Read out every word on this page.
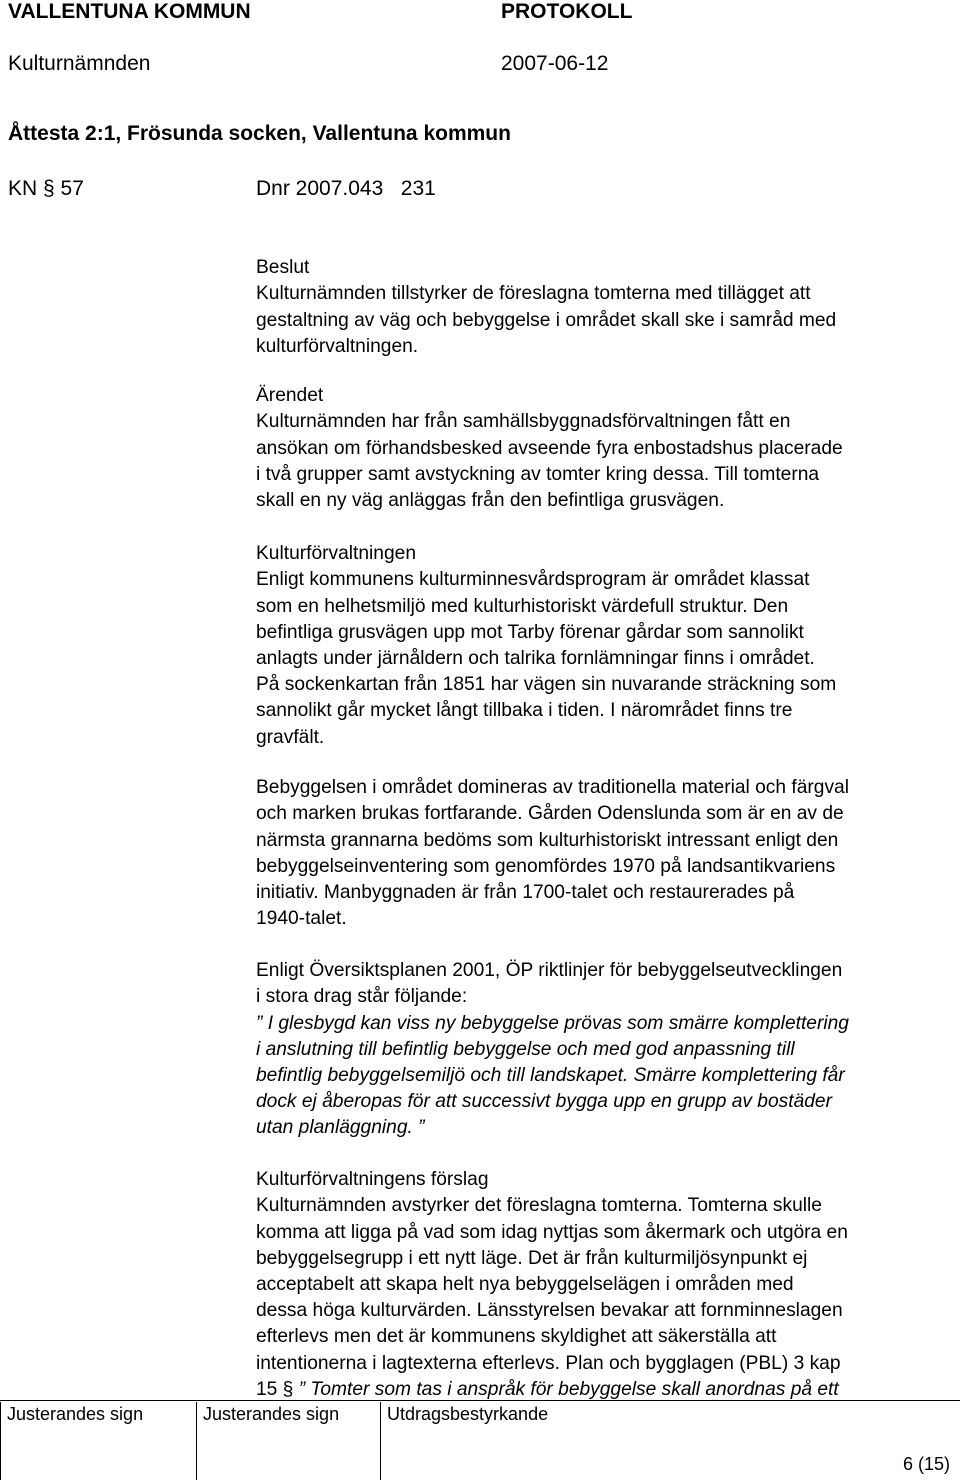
VALLENTUNA KOMMUN	PROTOKOLL
Kulturnämnden	2007-06-12
Åttesta 2:1, Frösunda socken, Vallentuna kommun
KN § 57	Dnr 2007.043   231

Beslut
Kulturnämnden tillstyrker de föreslagna tomterna med tillägget att
gestaltning av väg och bebyggelse i området skall ske i samråd med
kulturförvaltningen.

Ärendet
Kulturnämnden har från samhällsbyggnadsförvaltningen fått en
ansökan om förhandsbesked avseende fyra enbostadshus placerade
i två grupper samt avstyckning av tomter kring dessa. Till tomterna
skall en ny väg anläggas från den befintliga grusvägen.

Kulturförvaltningen
Enligt kommunens kulturminnesvårdsprogram är området klassat
som en helhetsmiljö med kulturhistoriskt värdefull struktur. Den
befintliga grusvägen upp mot Tarby förenar gårdar som sannolikt
anlagts under järnåldern och talrika fornlämningar finns i området.
På sockenkartan från 1851 har vägen sin nuvarande sträckning som
sannolikt går mycket långt tillbaka i tiden. I närområdet finns tre
gravfält.

Bebyggelsen i området domineras av traditionella material och färgval
och marken brukas fortfarande. Gården Odenslunda som är en av de
närmsta grannarna bedöms som kulturhistoriskt intressant enligt den
bebyggelseinventering som genomfördes 1970 på landsantikvariens
initiativ. Manbyggnaden är från 1700-talet och restaurerades på
1940-talet.

Enligt Översiktsplanen 2001, ÖP riktlinjer för bebyggelseutvecklingen
i stora drag står följande:
” I glesbygd kan viss ny bebyggelse prövas som smärre komplettering
i anslutning till befintlig bebyggelse och med god anpassning till
befintlig bebyggelsemiljö och till landskapet. Smärre komplettering får
dock ej åberopas för att successivt bygga upp en grupp av bostäder
utan planläggning. ”

Kulturförvaltningens förslag
Kulturnämnden avstyrker det föreslagna tomterna. Tomterna skulle
komma att ligga på vad som idag nyttjas som åkermark och utgöra en
bebyggelsegrupp i ett nytt läge. Det är från kulturmiljösynpunkt ej
acceptabelt att skapa helt nya bebyggelselägen i områden med
dessa höga kulturvärden. Länsstyrelsen bevakar att fornminneslagen
efterlevs men det är kommunens skyldighet att säkerställa att
intentionerna i lagtexterna efterlevs. Plan och bygglagen (PBL) 3 kap
15 § ” Tomter som tas i anspråk för bebyggelse skall anordnas på ett

Justerandes sign	Justerandes sign	Utdragsbestyrkande
6 (15)
